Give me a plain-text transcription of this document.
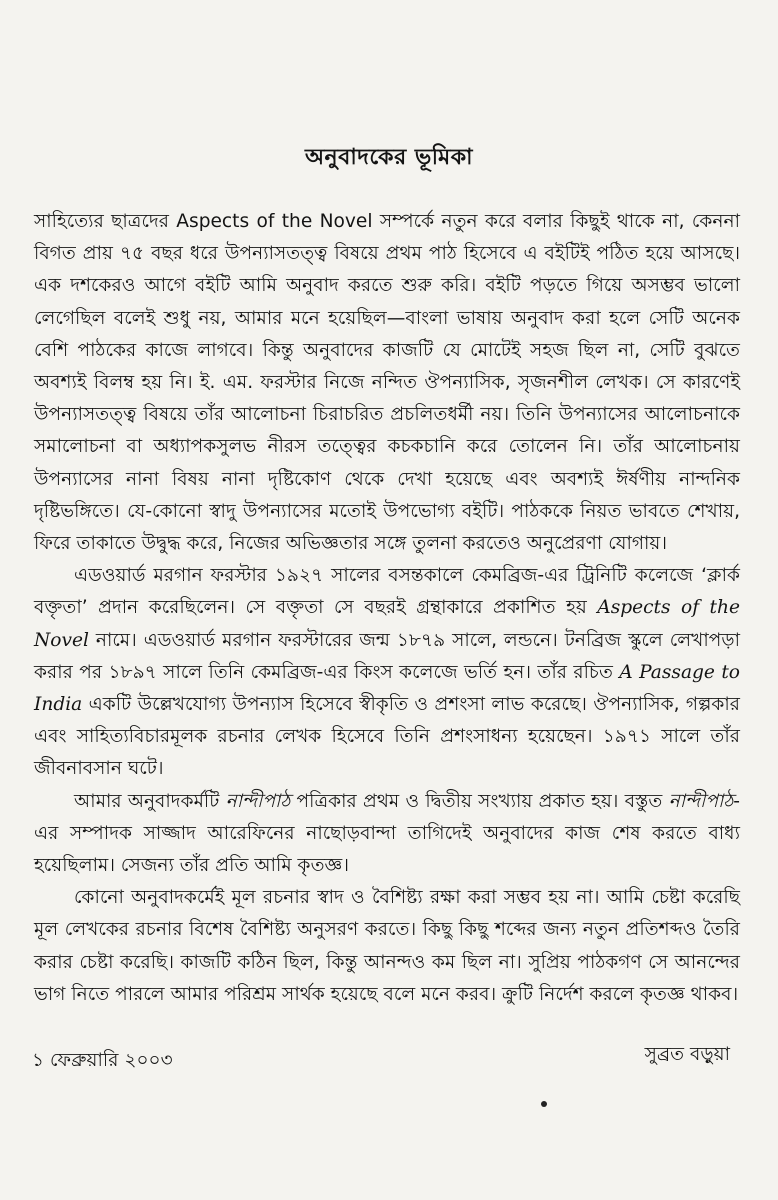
অনুবাদকের ভূমিকা

সাহিত্যের ছাত্রদের Aspects of the Novel সম্পর্কে নতুন করে বলার কিছুই থাকে না, কেননা বিগত প্রায় ৭৫ বছর ধরে উপন্যাসতত্ত্ব বিষয়ে প্রথম পাঠ হিসেবে এ বইটিই পঠিত হয়ে আসছে। এক দশকেরও আগে বইটি আমি অনুবাদ করতে শুরু করি। বইটি পড়তে গিয়ে অসম্ভব ভালো লেগেছিল বলেই শুধু নয়, আমার মনে হয়েছিল—বাংলা ভাষায় অনুবাদ করা হলে সেটি অনেক বেশি পাঠকের কাজে লাগবে। কিন্তু অনুবাদের কাজটি যে মোটেই সহজ ছিল না, সেটি বুঝতে অবশ্যই বিলম্ব হয় নি। ই. এম. ফরস্টার নিজে নন্দিত ঔপন্যাসিক, সৃজনশীল লেখক। সে কারণেই উপন্যাসতত্ত্ব বিষয়ে তাঁর আলোচনা চিরাচরিত প্রচলিতধর্মী নয়। তিনি উপন্যাসের আলোচনাকে সমালোচনা বা অধ্যাপকসুলভ নীরস তত্ত্বের কচকচানি করে তোলেন নি। তাঁর আলোচনায় উপন্যাসের নানা বিষয় নানা দৃষ্টিকোণ থেকে দেখা হয়েছে এবং অবশ্যই ঈর্ষণীয় নান্দনিক দৃষ্টিভঙ্গিতে। যে-কোনো স্বাদু উপন্যাসের মতোই উপভোগ্য বইটি। পাঠককে নিয়ত ভাবতে শেখায়, ফিরে তাকাতে উদ্বুদ্ধ করে, নিজের অভিজ্ঞতার সঙ্গে তুলনা করতেও অনুপ্রেরণা যোগায়।

এডওয়ার্ড মরগান ফরস্টার ১৯২৭ সালের বসন্তকালে কেমব্রিজ-এর ট্রিনিটি কলেজে ‘ক্লার্ক বক্তৃতা’ প্রদান করেছিলেন। সে বক্তৃতা সে বছরই গ্রন্থাকারে প্রকাশিত হয় Aspects of the Novel নামে। এডওয়ার্ড মরগান ফরস্টারের জন্ম ১৮৭৯ সালে, লন্ডনে। টনব্রিজ স্কুলে লেখাপড়া করার পর ১৮৯৭ সালে তিনি কেমব্রিজ-এর কিংস কলেজে ভর্তি হন। তাঁর রচিত A Passage to India একটি উল্লেখযোগ্য উপন্যাস হিসেবে স্বীকৃতি ও প্রশংসা লাভ করেছে। ঔপন্যাসিক, গল্পকার এবং সাহিত্যবিচারমূলক রচনার লেখক হিসেবে তিনি প্রশংসাধন্য হয়েছেন। ১৯৭১ সালে তাঁর জীবনাবসান ঘটে।

আমার অনুবাদকর্মটি নান্দীপাঠ পত্রিকার প্রথম ও দ্বিতীয় সংখ্যায় প্রকাত হয়। বস্তুত নান্দীপাঠ-এর সম্পাদক সাজ্জাদ আরেফিনের নাছোড়বান্দা তাগিদেই অনুবাদের কাজ শেষ করতে বাধ্য হয়েছিলাম। সেজন্য তাঁর প্রতি আমি কৃতজ্ঞ।

কোনো অনুবাদকর্মেই মূল রচনার স্বাদ ও বৈশিষ্ট্য রক্ষা করা সম্ভব হয় না। আমি চেষ্টা করেছি মূল লেখকের রচনার বিশেষ বৈশিষ্ট্য অনুসরণ করতে। কিছু কিছু শব্দের জন্য নতুন প্রতিশব্দও তৈরি করার চেষ্টা করেছি। কাজটি কঠিন ছিল, কিন্তু আনন্দও কম ছিল না। সুপ্রিয় পাঠকগণ সে আনন্দের ভাগ নিতে পারলে আমার পরিশ্রম সার্থক হয়েছে বলে মনে করব। ক্রুটি নির্দেশ করলে কৃতজ্ঞ থাকব।

১ ফেব্রুয়ারি ২০০৩	সুব্রত বড়ুয়া
